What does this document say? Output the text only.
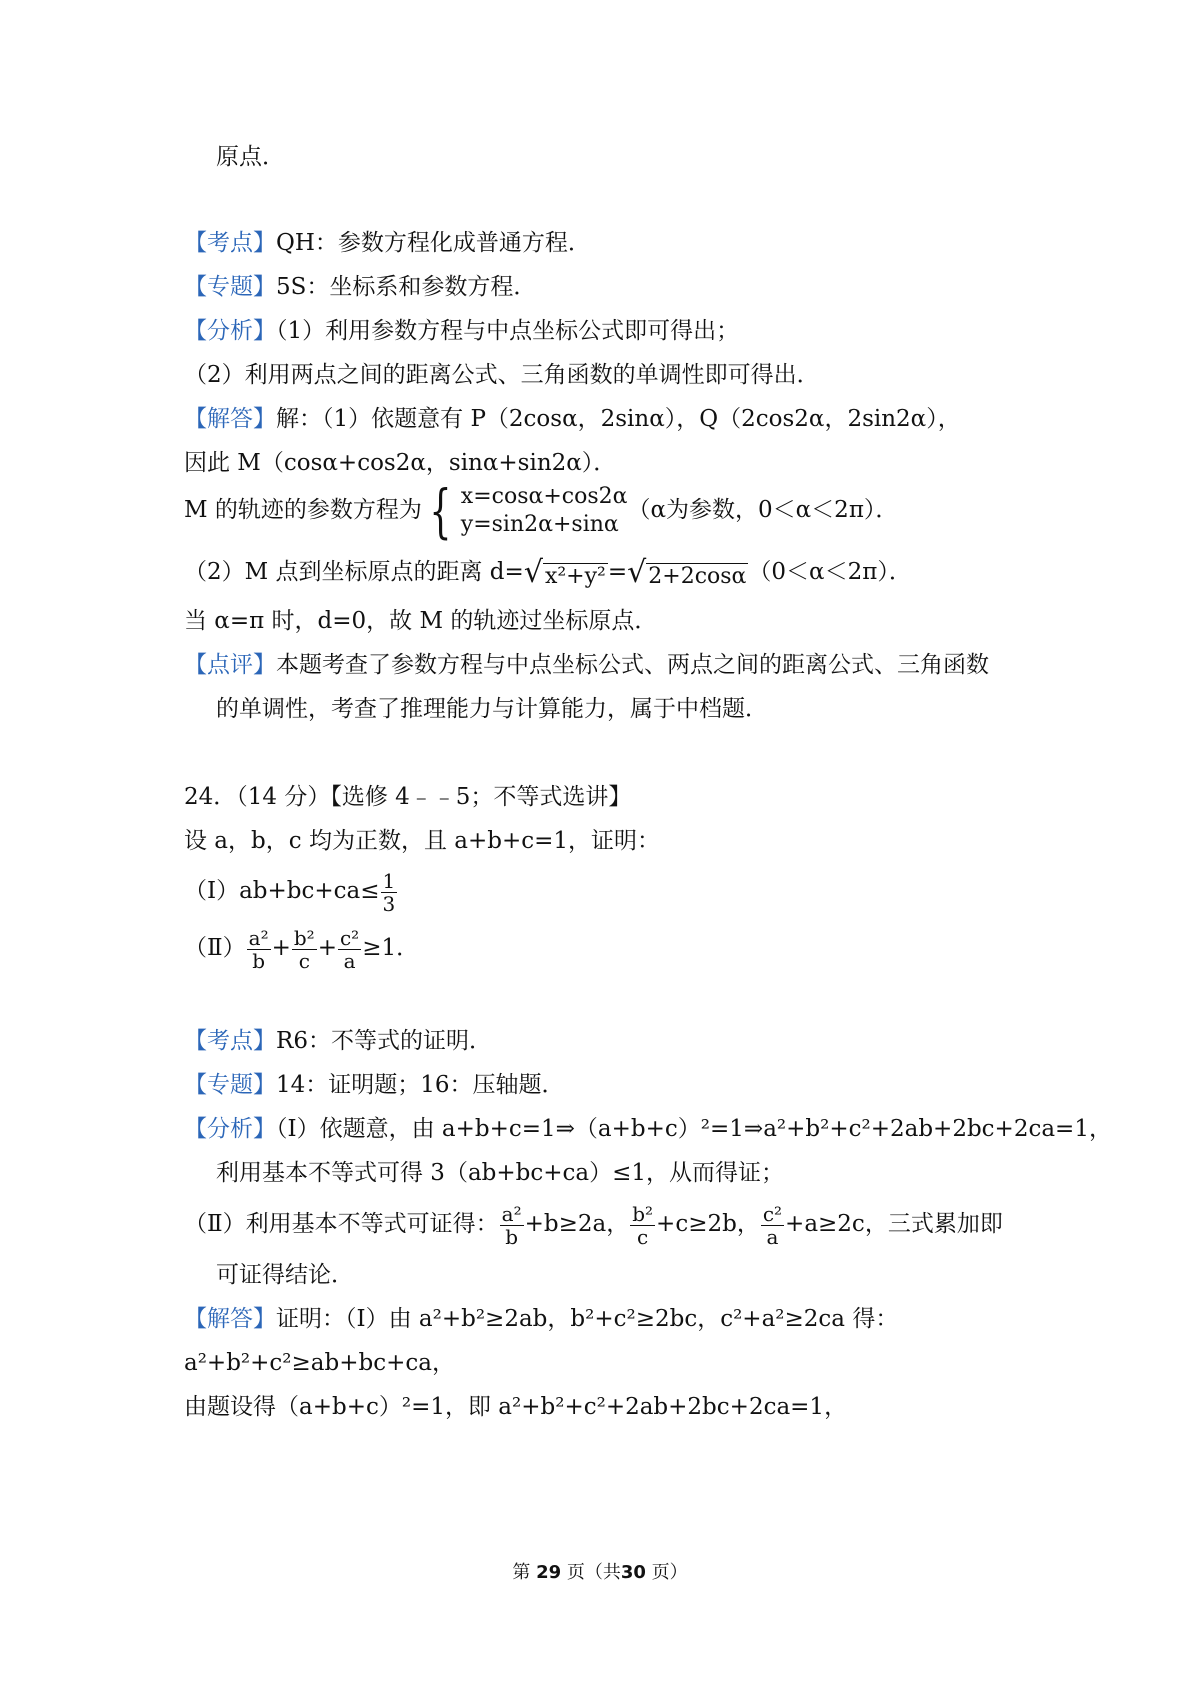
原点．
【考点】QH：参数方程化成普通方程．
【专题】5S：坐标系和参数方程．
【分析】（1）利用参数方程与中点坐标公式即可得出；
（2）利用两点之间的距离公式、三角函数的单调性即可得出．
【解答】解：（1）依题意有 P（2cosα，2sinα），Q（2cos2α，2sin2α），
因此 M（cosα+cos2α，sinα+sin2α）．
M 的轨迹的参数方程为 { x=cosα+cos2α
y=sin2α+sinα
（α为参数，0＜α＜2π）．
（2）M 点到坐标原点的距离 d= √ x²+y² = √ 2+2cosα （0＜α＜2π）．
当 α=π 时，d=0，故 M 的轨迹过坐标原点．
【点评】本题考查了参数方程与中点坐标公式、两点之间的距离公式、三角函数
的单调性，考查了推理能力与计算能力，属于中档题．
24．（14 分）【选修 4﹣﹣5；不等式选讲】
设 a，b，c 均为正数，且 a+b+c=1，证明：
（Ⅰ）ab+bc+ca≤ $\frac{1}{3}$
（Ⅱ） $\frac{\text{a²}}{b} + \frac{\text{b²}}{c} + \frac{\text{c²}}{a} \ge 1$．
【考点】R6：不等式的证明．
【专题】14：证明题；16：压轴题．
【分析】（Ⅰ）依题意，由 a+b+c=1⇒（a+b+c）²=1⇒a²+b²+c²+2ab+2bc+2ca=1，
利用基本不等式可得 3（ab+bc+ca）≤1，从而得证；
（Ⅱ）利用基本不等式可证得： $\frac{\text{a²}}{b} +b\ge 2a$， $\frac{\text{b²}}{c} +c\ge 2b$， $\frac{\text{c²}}{a} +a\ge 2c$，三式累加即
可证得结论．
【解答】证明：（Ⅰ）由 a²+b²≥2ab，b²+c²≥2bc，c²+a²≥2ca 得：
a²+b²+c²≥ab+bc+ca，
由题设得（a+b+c）²=1，即 a²+b²+c²+2ab+2bc+2ca=1，
第 29 页（共30 页）
